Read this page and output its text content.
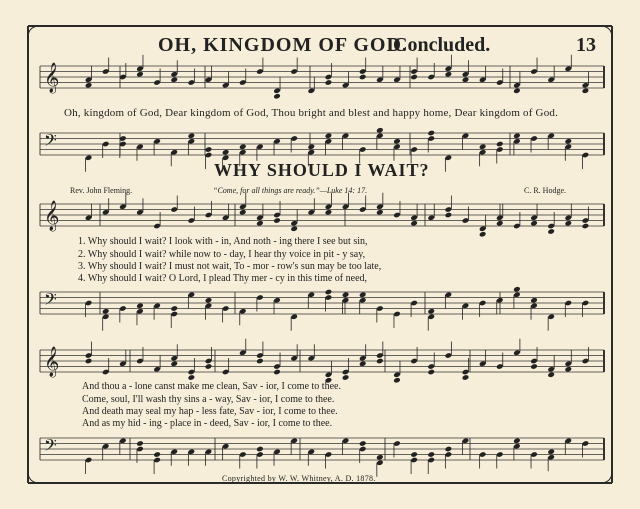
𝄞
𝄢
𝄞
𝄢
𝄞
𝄢
OH, KINGDOM OF GOD.
Concluded.	13
Oh, kingdom of God, Dear kingdom of God, Thou bright and blest and happy home, Dear kingdom of God.
WHY SHOULD I WAIT?
Rev. John Fleming.	“Come, for all things are ready.”—Luke 14: 17.	C. R. Hodge.
1. Why should I wait? I look with - in, And noth - ing there I see but sin,
2. Why should I wait? while now to - day, I hear thy voice in pit - y say,
3. Why should I wait? I must not wait, To - mor - row's sun may be too late,
4. Why should I wait? O Lord, I plead Thy mer - cy in this time of need,
And thou a - lone canst make me clean, Sav - ior, I come to thee.
Come, soul, I'll wash thy sins a - way, Sav - ior, I come to thee.
And death may seal my hap - less fate, Sav - ior, I come to thee.
And as my hid - ing - place in - deed, Sav - ior, I come to thee.
Copyrighted by W. W. Whitney, A. D. 1878.
